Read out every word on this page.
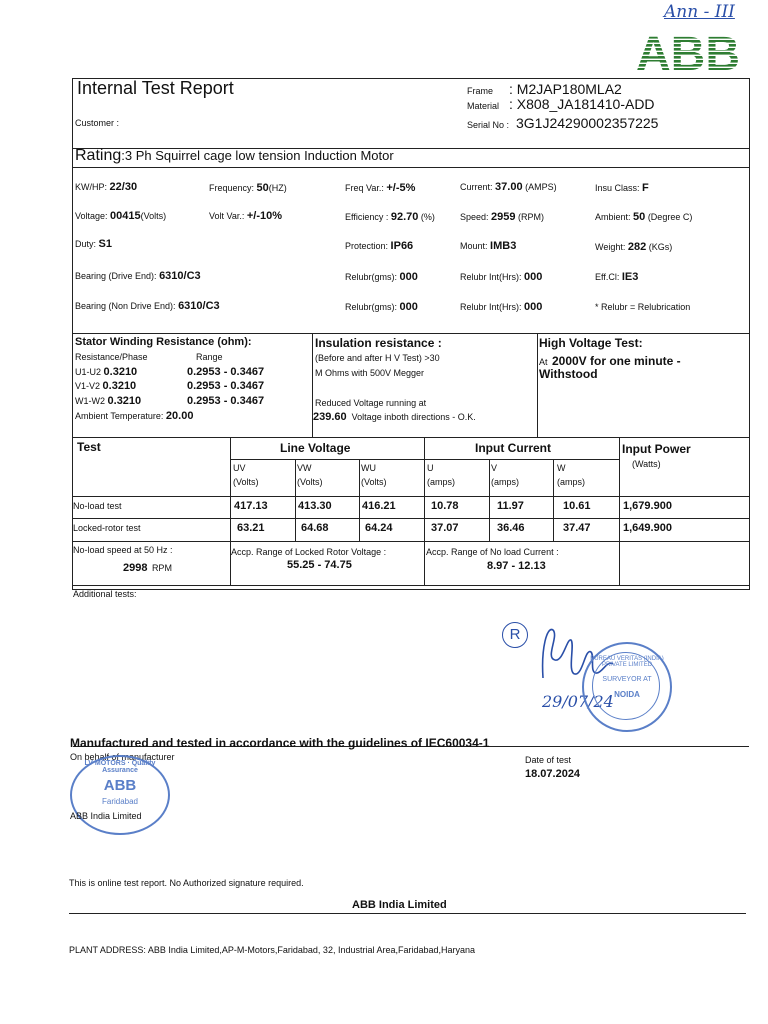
Ann - III
ABB
Internal Test Report
Customer :
Frame : M2JAP180MLA2
Material : X808_JA181410-ADD
Serial No : 3G1J24290002357225
Rating:3 Ph Squirrel cage low tension Induction Motor
KW/HP: 22/30	Frequency: 50(HZ)	Freq Var.: +/-5%	Current: 37.00 (AMPS)	Insu Class: F
Voltage: 00415(Volts)	Volt Var.: +/-10%	Efficiency : 92.70 (%)	Speed: 2959 (RPM)	Ambient: 50 (Degree C)
Duty: S1	Protection: IP66	Mount: IMB3	Weight: 282 (KGs)
Bearing (Drive End): 6310/C3	Relubr(gms): 000	Relubr Int(Hrs): 000	Eff.Cl: IE3
Bearing (Non Drive End): 6310/C3	Relubr(gms): 000	Relubr Int(Hrs): 000	* Relubr = Relubrication
Stator Winding Resistance (ohm):
Resistance/Phase	Range
U1-U2 0.3210	0.2953 - 0.3467
V1-V2 0.3210	0.2953 - 0.3467
W1-W2 0.3210	0.2953 - 0.3467
Ambient Temperature: 20.00
Insulation resistance :
(Before and after H V Test) >30
M Ohms with 500V Megger
Reduced Voltage running at
239.60 Voltage inboth directions - O.K.
High Voltage Test:
At 2000V for one minute -
Withstood
Test	Line Voltage	Input Current	Input Power
(Watts)
UV
(Volts)
VW
(Volts)
WU
(Volts)
U
(amps)
V
(amps)
W
(amps)
No-load test	417.13	413.30	416.21	10.78	11.97	10.61	1,679.900
Locked-rotor test	63.21	64.68	64.24	37.07	36.46	37.47	1,649.900
No-load speed at 50 Hz :
2998 RPM
Accp. Range of Locked Rotor Voltage :
55.25 - 74.75
Accp. Range of No load Current :
8.97 - 12.13
Additional tests:
R
29/07/24
BUREAU VERITAS (INDIA) PRIVATE LIMITED
SURVEYOR AT
NOIDA
Manufactured and tested in accordance with the guidelines of IEC60034-1
On behalf of manufacturer	Date of test
18.07.2024
LV MOTORS · Quality Assurance
ABB
Faridabad
ABB India Limited
This is online test report. No Authorized signature required.
ABB India Limited
PLANT ADDRESS: ABB India Limited,AP-M-Motors,Faridabad, 32, Industrial Area,Faridabad,Haryana
